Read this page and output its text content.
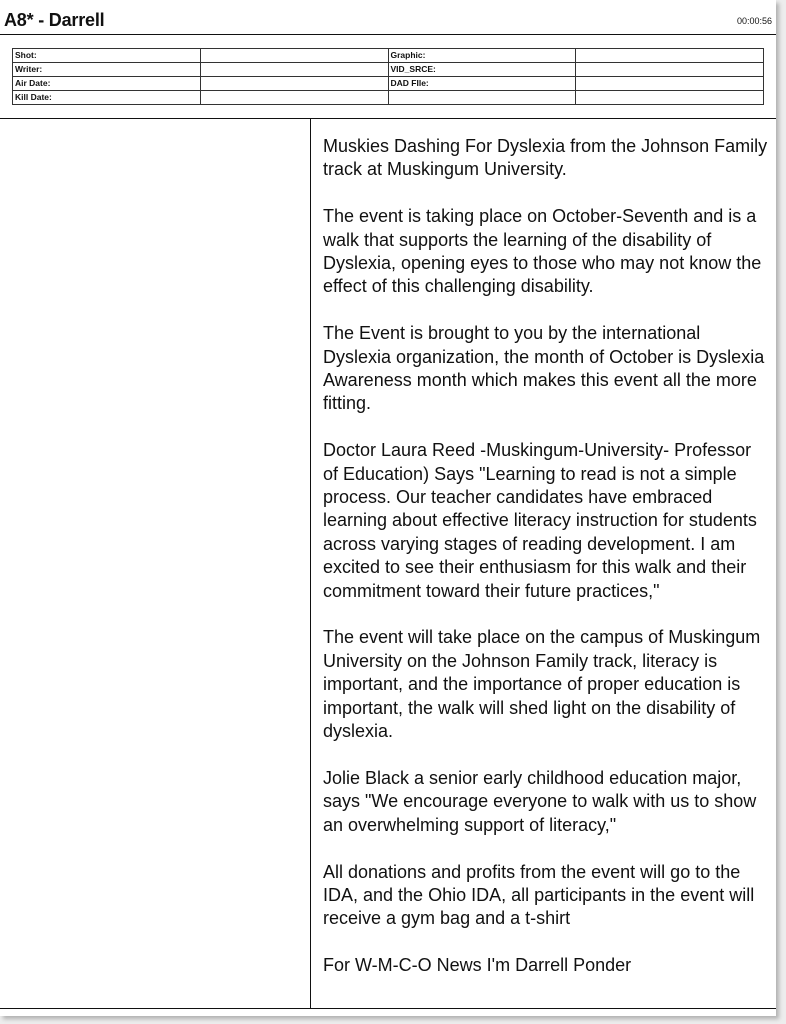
A8* - Darrell	00:00:56
Shot:		Graphic:	
Writer:		VID_SRCE:	
Air Date:		DAD FIle:	
Kill Date:			

Muskies Dashing For Dyslexia from the Johnson Family track at Muskingum University.

The event is taking place on October-Seventh and is a walk that supports the learning of the disability of Dyslexia, opening eyes to those who may not know the effect of this challenging disability.

The Event is brought to you by the international Dyslexia organization, the month of October is Dyslexia Awareness month which makes this event all the more fitting.

Doctor Laura Reed -Muskingum-University- Professor of Education) Says "Learning to read is not a simple process. Our teacher candidates have embraced learning about effective literacy instruction for students across varying stages of reading development. I am excited to see their enthusiasm for this walk and their commitment toward their future practices,"

The event will take place on the campus of Muskingum University on the Johnson Family track, literacy is important, and the importance of proper education is important, the walk will shed light on the disability of dyslexia.

Jolie Black a senior early childhood education major, says "We encourage everyone to walk with us to show an overwhelming support of literacy,"

All donations and profits from the event will go to the IDA, and the Ohio IDA, all participants in the event will receive a gym bag and a t-shirt

For W-M-C-O News I'm Darrell Ponder
